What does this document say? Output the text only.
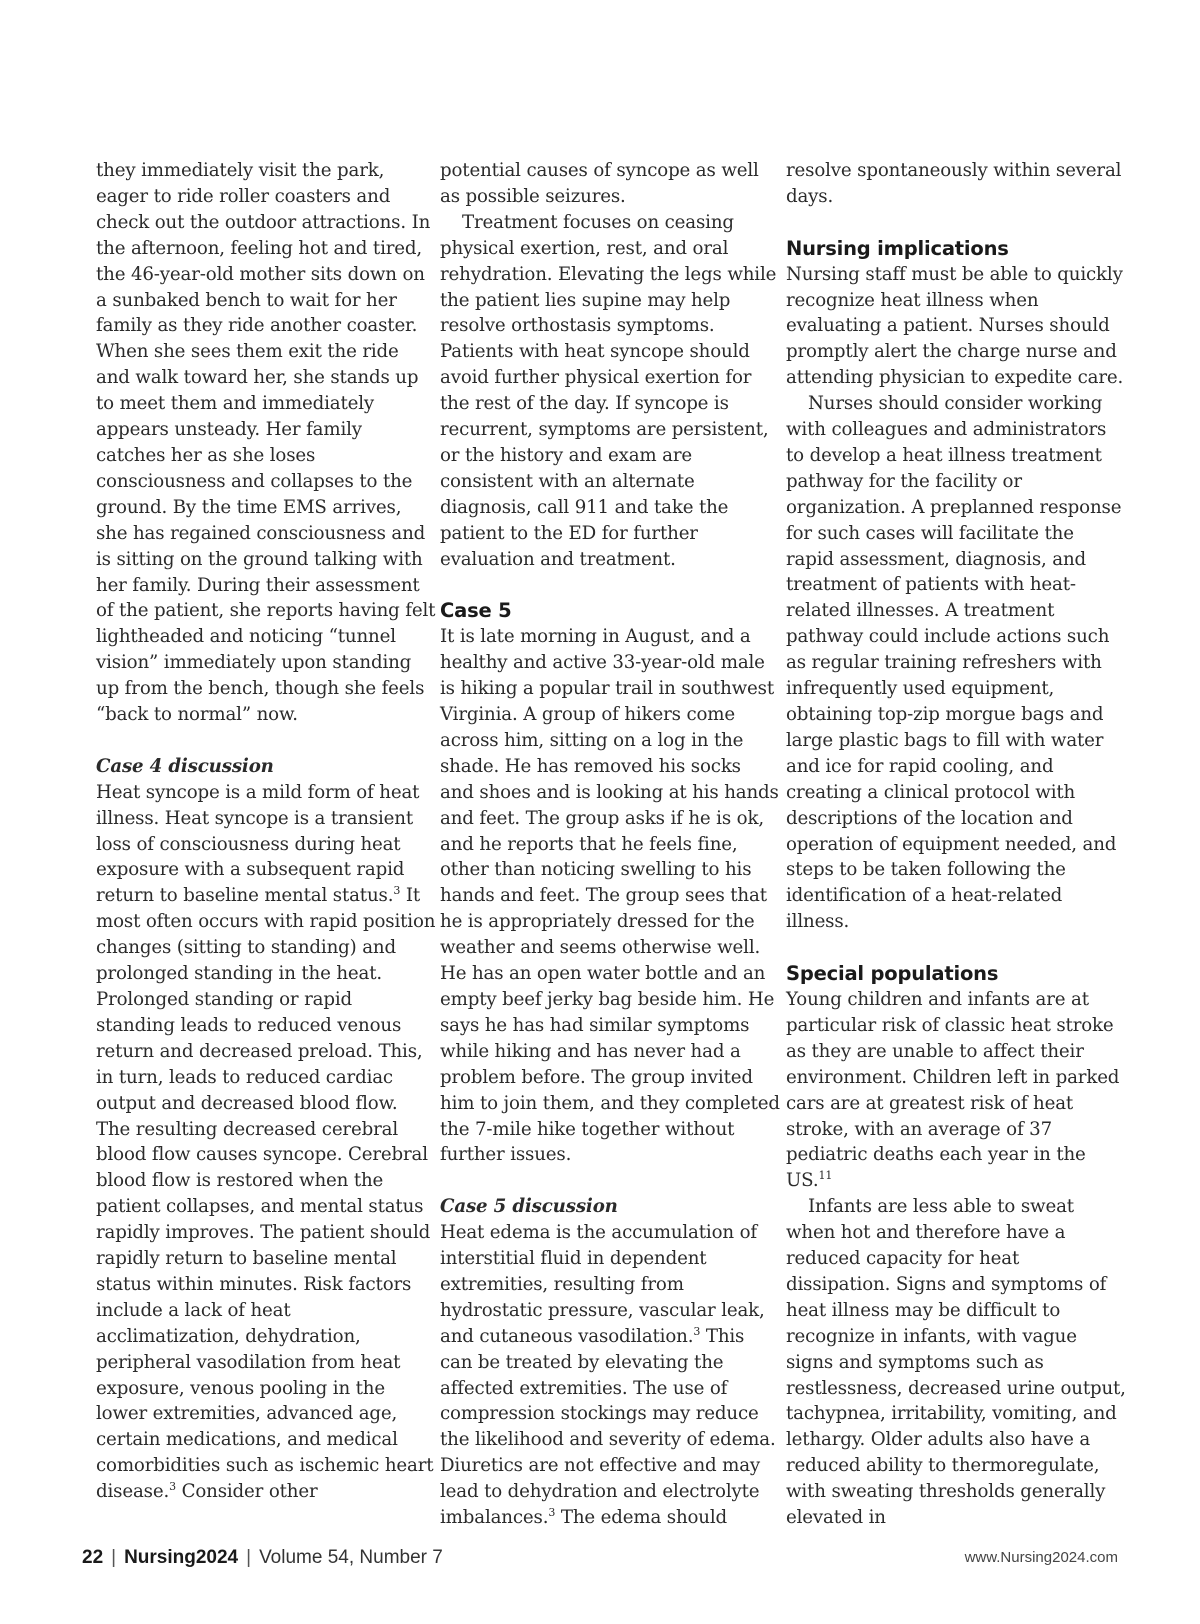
they immediately visit the park, eager to ride roller coasters and check out the outdoor attractions. In the afternoon, feeling hot and tired, the 46-year-old mother sits down on a sunbaked bench to wait for her family as they ride another coaster. When she sees them exit the ride and walk toward her, she stands up to meet them and immediately appears unsteady. Her family catches her as she loses consciousness and collapses to the ground. By the time EMS arrives, she has regained consciousness and is sitting on the ground talking with her family. During their assessment of the patient, she reports having felt lightheaded and noticing “tunnel vision” immediately upon standing up from the bench, though she feels “back to normal” now.

Case 4 discussion

Heat syncope is a mild form of heat illness. Heat syncope is a transient loss of consciousness during heat exposure with a subsequent rapid return to baseline mental status.$^3$ It most often occurs with rapid position changes (sitting to standing) and prolonged standing in the heat. Prolonged standing or rapid standing leads to reduced venous return and decreased preload. This, in turn, leads to reduced cardiac output and decreased blood flow. The resulting decreased cerebral blood flow causes syncope. Cerebral blood flow is restored when the patient collapses, and mental status rapidly improves. The patient should rapidly return to baseline mental status within minutes. Risk factors include a lack of heat acclimatization, dehydration, peripheral vasodilation from heat exposure, venous pooling in the lower extremities, advanced age, certain medications, and medical comorbidities such as ischemic heart disease.$^3$ Consider other

potential causes of syncope as well as possible seizures.

Treatment focuses on ceasing physical exertion, rest, and oral rehydration. Elevating the legs while the patient lies supine may help resolve orthostasis symptoms. Patients with heat syncope should avoid further physical exertion for the rest of the day. If syncope is recurrent, symptoms are persistent, or the history and exam are consistent with an alternate diagnosis, call 911 and take the patient to the ED for further evaluation and treatment.

Case 5

It is late morning in August, and a healthy and active 33-year-old male is hiking a popular trail in southwest Virginia. A group of hikers come across him, sitting on a log in the shade. He has removed his socks and shoes and is looking at his hands and feet. The group asks if he is ok, and he reports that he feels fine, other than noticing swelling to his hands and feet. The group sees that he is appropriately dressed for the weather and seems otherwise well. He has an open water bottle and an empty beef jerky bag beside him. He says he has had similar symptoms while hiking and has never had a problem before. The group invited him to join them, and they completed the 7-mile hike together without further issues.

Case 5 discussion

Heat edema is the accumulation of interstitial fluid in dependent extremities, resulting from hydrostatic pressure, vascular leak, and cutaneous vasodilation.$^3$ This can be treated by elevating the affected extremities. The use of compression stockings may reduce the likelihood and severity of edema. Diuretics are not effective and may lead to dehydration and electrolyte imbalances.$^3$ The edema should

resolve spontaneously within several days.

Nursing implications

Nursing staff must be able to quickly recognize heat illness when evaluating a patient. Nurses should promptly alert the charge nurse and attending physician to expedite care.

Nurses should consider working with colleagues and administrators to develop a heat illness treatment pathway for the facility or organization. A preplanned response for such cases will facilitate the rapid assessment, diagnosis, and treatment of patients with heat-related illnesses. A treatment pathway could include actions such as regular training refreshers with infrequently used equipment, obtaining top-zip morgue bags and large plastic bags to fill with water and ice for rapid cooling, and creating a clinical protocol with descriptions of the location and operation of equipment needed, and steps to be taken following the identification of a heat-related illness.

Special populations

Young children and infants are at particular risk of classic heat stroke as they are unable to affect their environment. Children left in parked cars are at greatest risk of heat stroke, with an average of 37 pediatric deaths each year in the US.$^{11}$

Infants are less able to sweat when hot and therefore have a reduced capacity for heat dissipation. Signs and symptoms of heat illness may be difficult to recognize in infants, with vague signs and symptoms such as restlessness, decreased urine output, tachypnea, irritability, vomiting, and lethargy. Older adults also have a reduced ability to thermoregulate, with sweating thresholds generally elevated in

22 | Nursing2024 | Volume 54, Number 7	www.Nursing2024.com
